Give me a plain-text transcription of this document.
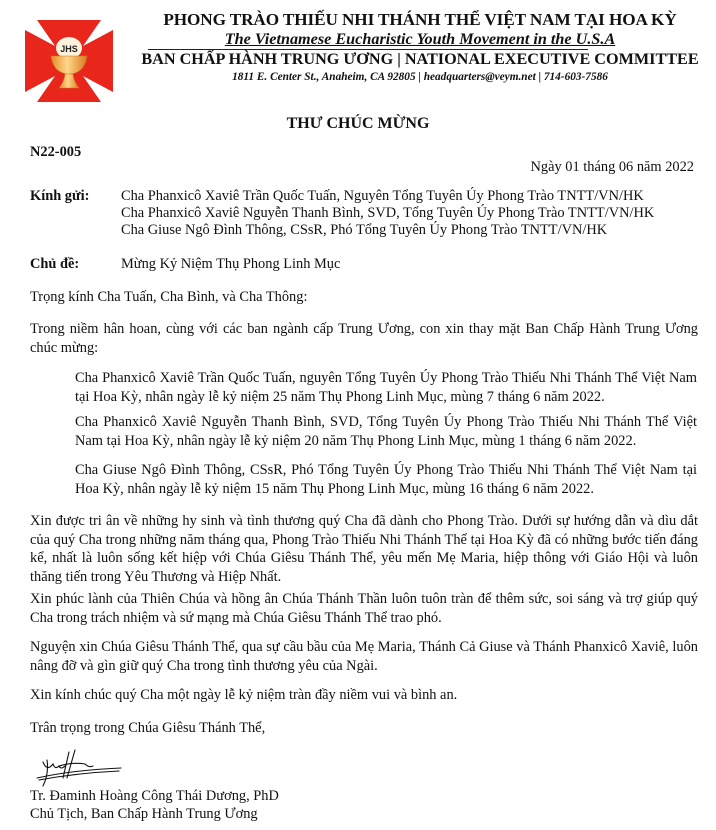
JHS
PHONG TRÀO THIẾU NHI THÁNH THỂ VIỆT NAM TẠI HOA KỲ
The Vietnamese Eucharistic Youth Movement in the U.S.A
BAN CHẤP HÀNH TRUNG ƯƠNG | NATIONAL EXECUTIVE COMMITTEE
1811 E. Center St., Anaheim, CA 92805 | headquarters@veym.net | 714-603-7586
THƯ CHÚC MỪNG
N22-005
Ngày 01 tháng 06 năm 2022
Kính gửi: Cha Phanxicô Xaviê Trần Quốc Tuấn, Nguyên Tổng Tuyên Úy Phong Trào TNTT/VN/HK
Cha Phanxicô Xaviê Nguyễn Thanh Bình, SVD, Tổng Tuyên Úy Phong Trào TNTT/VN/HK
Cha Giuse Ngô Đình Thông, CSsR, Phó Tổng Tuyên Úy Phong Trào TNTT/VN/HK
Chủ đề:	Mừng Kỷ Niệm Thụ Phong Linh Mục
Trọng kính Cha Tuấn, Cha Bình, và Cha Thông:
Trong niềm hân hoan, cùng với các ban ngành cấp Trung Ương, con xin thay mặt Ban Chấp Hành Trung Ương chúc mừng:
Cha Phanxicô Xaviê Trần Quốc Tuấn, nguyên Tổng Tuyên Úy Phong Trào Thiếu Nhi Thánh Thể Việt Nam tại Hoa Kỳ, nhân ngày lễ kỷ niệm 25 năm Thụ Phong Linh Mục, mùng 7 tháng 6 năm 2022.
Cha Phanxicô Xaviê Nguyễn Thanh Bình, SVD, Tổng Tuyên Úy Phong Trào Thiếu Nhi Thánh Thể Việt Nam tại Hoa Kỳ, nhân ngày lễ kỷ niệm 20 năm Thụ Phong Linh Mục, mùng 1 tháng 6 năm 2022.
Cha Giuse Ngô Đình Thông, CSsR, Phó Tổng Tuyên Úy Phong Trào Thiếu Nhi Thánh Thể Việt Nam tại Hoa Kỳ, nhân ngày lễ kỷ niệm 15 năm Thụ Phong Linh Mục, mùng 16 tháng 6 năm 2022.
Xin được tri ân về những hy sinh và tình thương quý Cha đã dành cho Phong Trào. Dưới sự hướng dẫn và dìu dắt của quý Cha trong những năm tháng qua, Phong Trào Thiếu Nhi Thánh Thể tại Hoa Kỳ đã có những bước tiến đáng kể, nhất là luôn sống kết hiệp với Chúa Giêsu Thánh Thể, yêu mến Mẹ Maria, hiệp thông với Giáo Hội và luôn thăng tiến trong Yêu Thương và Hiệp Nhất.
Xin phúc lành của Thiên Chúa và hồng ân Chúa Thánh Thần luôn tuôn tràn để thêm sức, soi sáng và trợ giúp quý Cha trong trách nhiệm và sứ mạng mà Chúa Giêsu Thánh Thể trao phó.
Nguyện xin Chúa Giêsu Thánh Thể, qua sự cầu bầu của Mẹ Maria, Thánh Cả Giuse và Thánh Phanxicô Xaviê, luôn nâng đỡ và gìn giữ quý Cha trong tình thương yêu của Ngài.
Xin kính chúc quý Cha một ngày lễ kỷ niệm tràn đầy niềm vui và bình an.
Trân trọng trong Chúa Giêsu Thánh Thể,
Tr. Đaminh Hoàng Công Thái Dương, PhD
Chủ Tịch, Ban Chấp Hành Trung Ương
